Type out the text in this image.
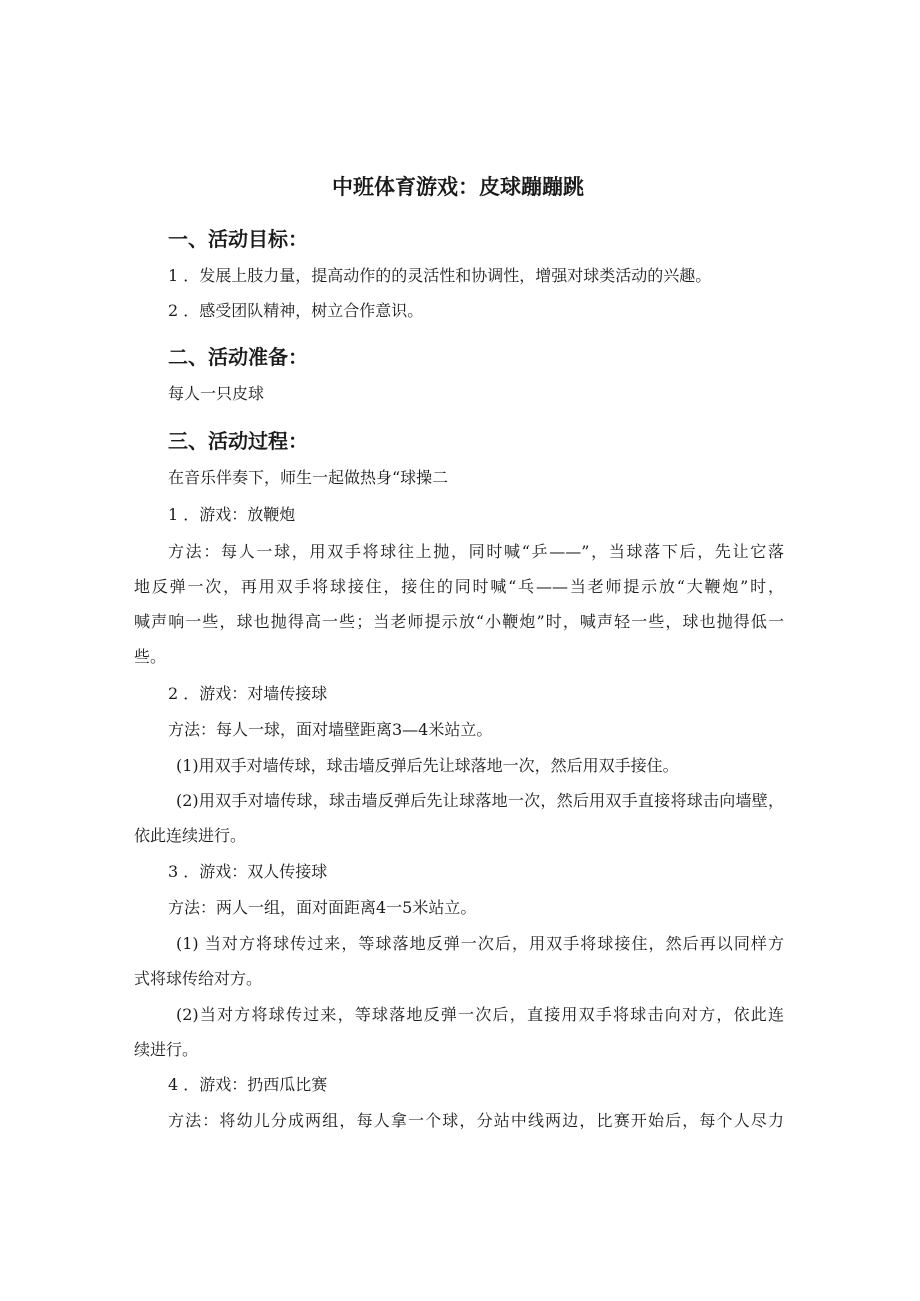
中班体育游戏：皮球蹦蹦跳
一、活动目标：

1 ．发展上肢力量，提高动作的的灵活性和协调性，增强对球类活动的兴趣。

2 ．感受团队精神，树立合作意识。

二、活动准备：

每人一只皮球

三、活动过程：

在音乐伴奏下，师生一起做热身“球操二

1 ．游戏：放鞭炮

方法：每人一球，用双手将球往上抛，同时喊“乒——”，当球落下后，先让它落

地反弹一次，再用双手将球接住，接住的同时喊“乓——当老师提示放“大鞭炮”时，

喊声响一些，球也抛得高一些；当老师提示放“小鞭炮”时，喊声轻一些，球也抛得低一

些。

2 ．游戏：对墙传接球

方法：每人一球，面对墙壁距离3—4米站立。

(1)用双手对墙传球，球击墙反弹后先让球落地一次，然后用双手接住。

(2)用双手对墙传球，球击墙反弹后先让球落地一次，然后用双手直接将球击向墙壁，

依此连续进行。

3 ．游戏：双人传接球

方法：两人一组，面对面距离4一5米站立。

(1) 当对方将球传过来，等球落地反弹一次后，用双手将球接住，然后再以同样方

式将球传给对方。

(2)当对方将球传过来，等球落地反弹一次后，直接用双手将球击向对方，依此连

续进行。

4 ．游戏：扔西瓜比赛

方法：将幼儿分成两组，每人拿一个球，分站中线两边，比赛开始后，每个人尽力
